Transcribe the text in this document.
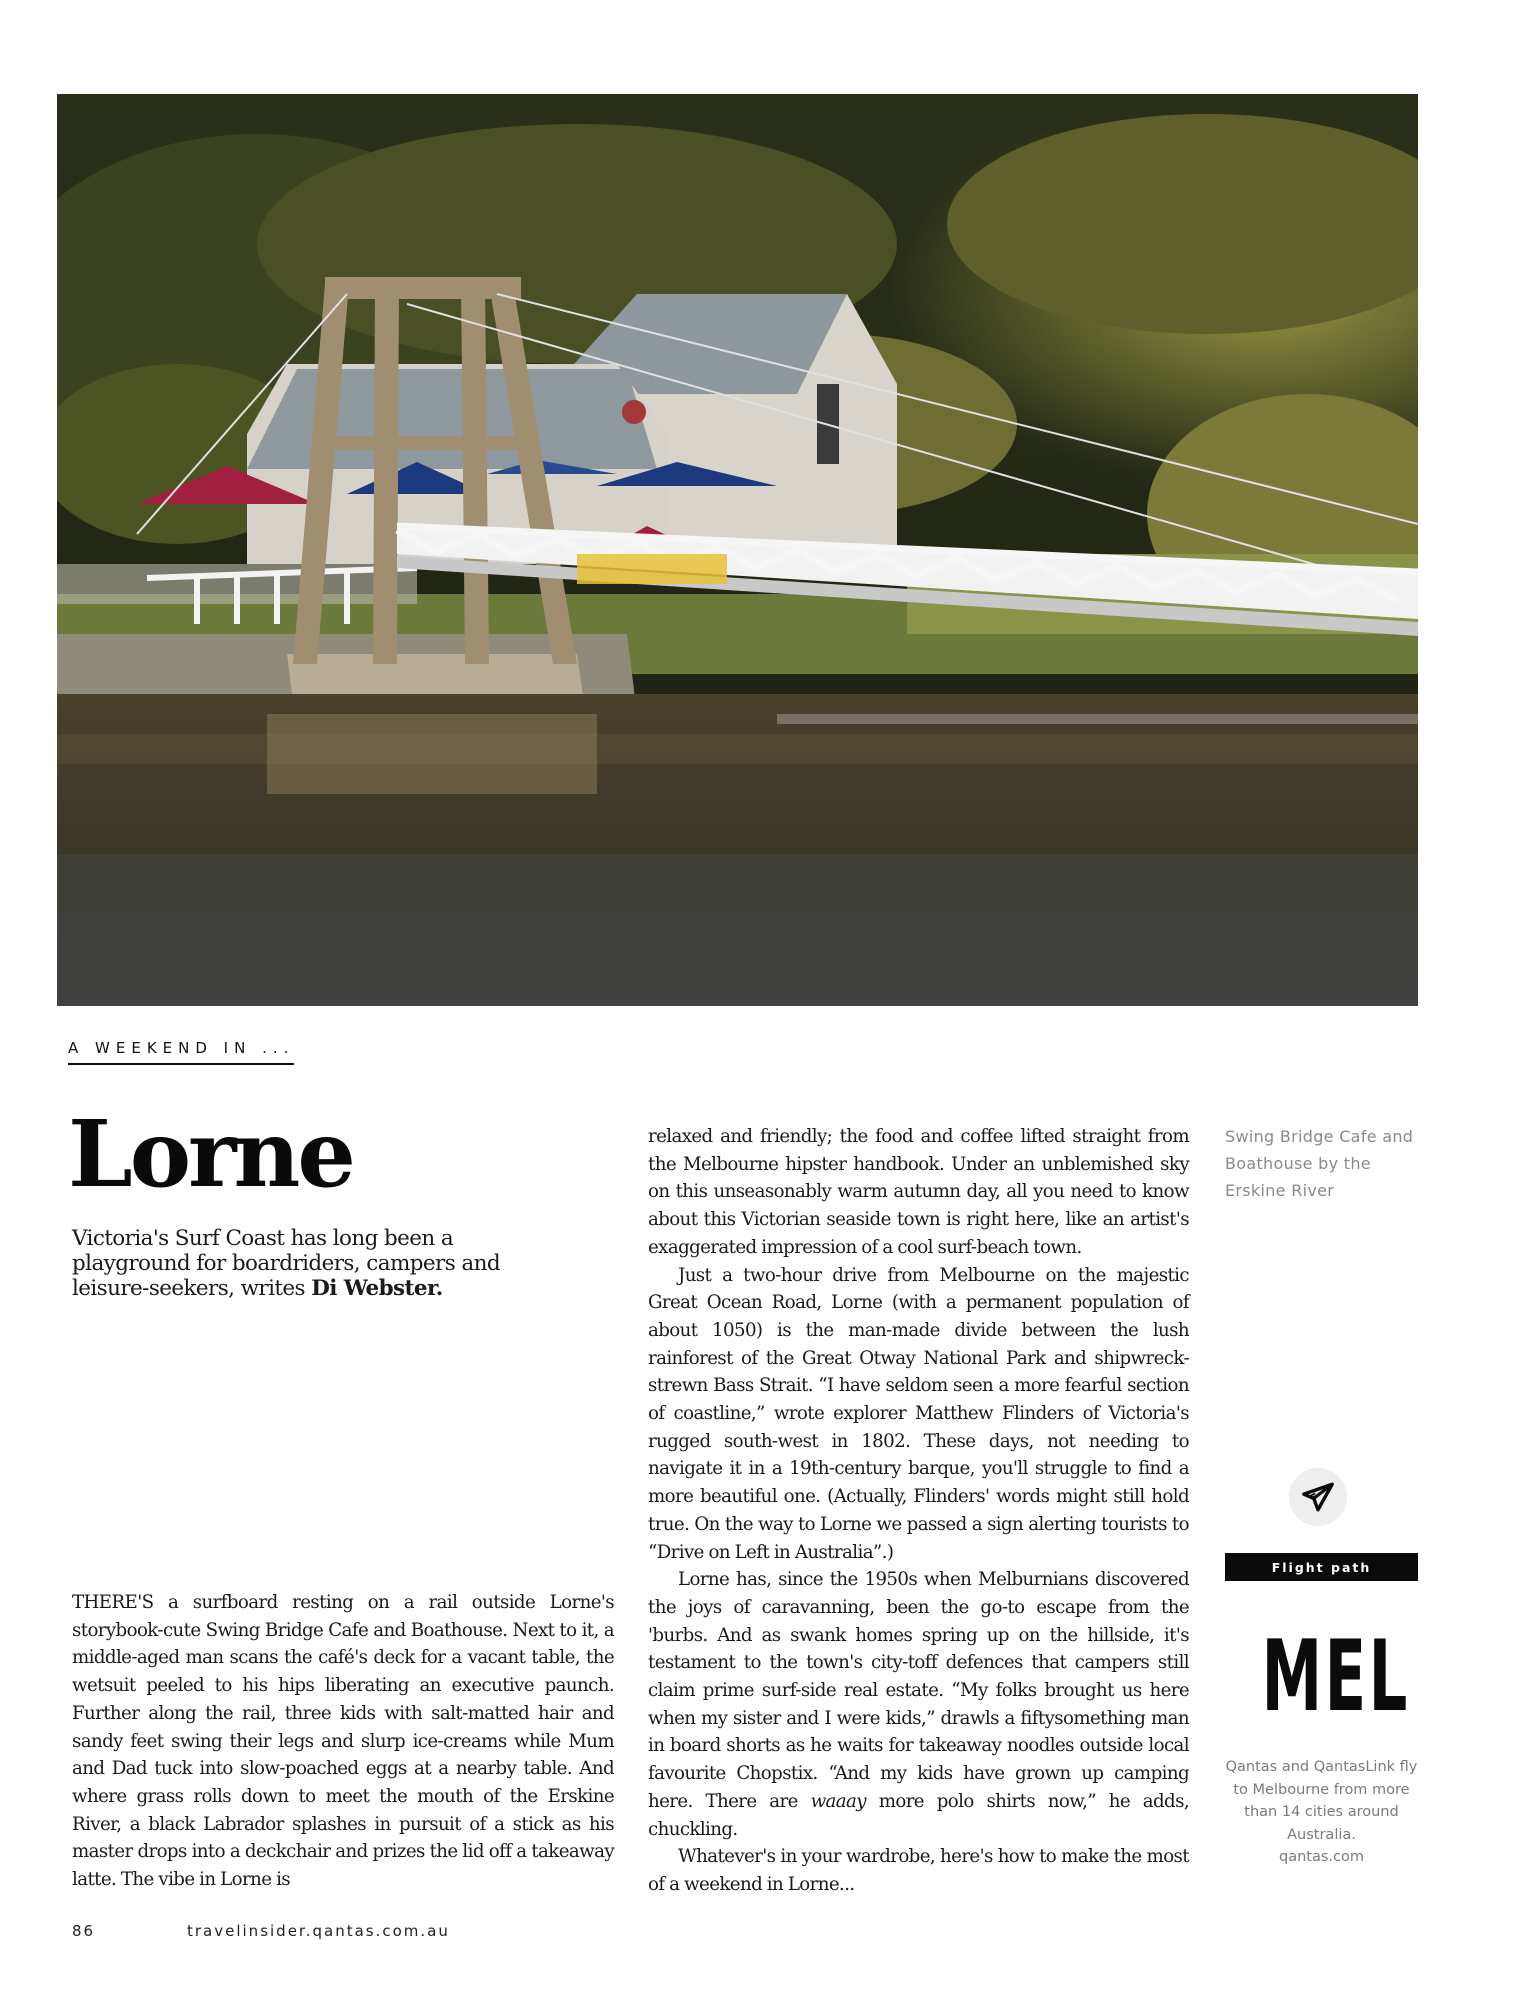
A WEEKEND IN ...
Lorne
Victoria's Surf Coast has long been a playground for boardriders, campers and leisure-seekers, writes Di Webster.

THERE'S a surfboard resting on a rail outside Lorne's storybook-cute Swing Bridge Cafe and Boathouse. Next to it, a middle-aged man scans the café's deck for a vacant table, the wetsuit peeled to his hips liberating an executive paunch. Further along the rail, three kids with salt-matted hair and sandy feet swing their legs and slurp ice-creams while Mum and Dad tuck into slow-poached eggs at a nearby table. And where grass rolls down to meet the mouth of the Erskine River, a black Labrador splashes in pursuit of a stick as his master drops into a deckchair and prizes the lid off a takeaway latte. The vibe in Lorne is

relaxed and friendly; the food and coffee lifted straight from the Melbourne hipster handbook. Under an unblemished sky on this unseasonably warm autumn day, all you need to know about this Victorian seaside town is right here, like an artist's exaggerated impression of a cool surf-beach town.

Just a two-hour drive from Melbourne on the majestic Great Ocean Road, Lorne (with a permanent population of about 1050) is the man-made divide between the lush rainforest of the Great Otway National Park and shipwreck-strewn Bass Strait. “I have seldom seen a more fearful section of coastline,” wrote explorer Matthew Flinders of Victoria's rugged south-west in 1802. These days, not needing to navigate it in a 19th-century barque, you'll struggle to find a more beautiful one. (Actually, Flinders' words might still hold true. On the way to Lorne we passed a sign alerting tourists to “Drive on Left in Australia”.)

Lorne has, since the 1950s when Melburnians discovered the joys of caravanning, been the go-to escape from the 'burbs. And as swank homes spring up on the hillside, it's testament to the town's city-toff defences that campers still claim prime surf-side real estate. “My folks brought us here when my sister and I were kids,” drawls a fiftysomething man in board shorts as he waits for takeaway noodles outside local favourite Chopstix. “And my kids have grown up camping here. There are waaay more polo shirts now,” he adds, chuckling.

Whatever's in your wardrobe, here's how to make the most of a weekend in Lorne...

Swing Bridge Cafe and Boathouse by the Erskine River
Flight path
MEL
Qantas and QantasLink fly to Melbourne from more than 14 cities around Australia.
qantas.com
86	travelinsider.qantas.com.au
